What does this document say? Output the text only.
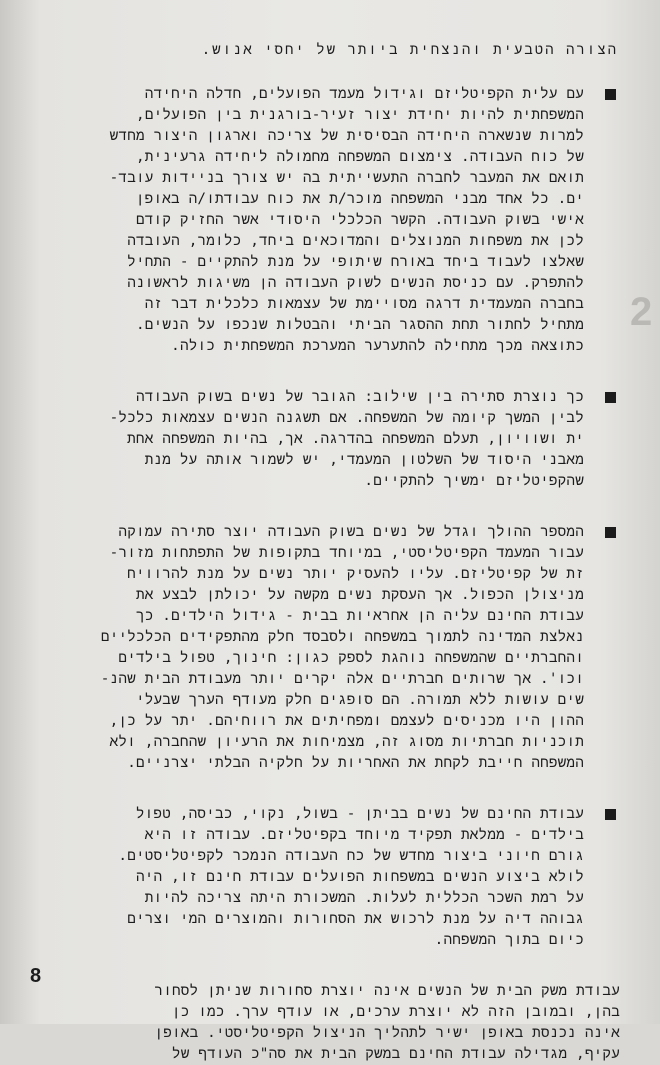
2
הצורה הטבעית והנצחית ביותר של יחסי אנוש.
עם עלית הקפיטליזם וגידול מעמד הפועלים, חדלה היחידה
המשפחתית להיות יחידת יצור זעיר-בורגנית בין הפועלים,
למרות שנשארה היחידה הבסיסית של צריכה וארגון היצור מחדש
של כוח העבודה. צימצום המשפחה מחמולה ליחידה גרעינית,
תואם את המעבר לחברה התעשייתית בה יש צורך בניידות עובד-
ים. כל אחד מבני המשפחה מוכר/ת את כוח עבודתו/ה באופן
אישי בשוק העבודה. הקשר הכלכלי היסודי אשר החזיק קודם
לכן את משפחות המנוצלים והמדוכאים ביחד, כלומר, העובדה
שאלצו לעבוד ביחד באורח שיתופי על מנת להתקיים - התחיל
להתפרק. עם כניסת הנשים לשוק העבודה הן משיגות לראשונה
בחברה המעמדית דרגה מסויימת של עצמאות כלכלית דבר זה
מתחיל לחתור תחת ההסגר הביתי והבטלות שנכפו על הנשים.
כתוצאה מכך מתחילה להתערער המערכת המשפחתית כולה.
כך נוצרת סתירה בין שילוב: הגובר של נשים בשוק העבודה
לבין המשך קיומה של המשפחה. אם תשגנה הנשים עצמאות כלכל-
ית ושוויון, תעלם המשפחה בהדרגה. אך, בהיות המשפחה אחת
מאבני היסוד של השלטון המעמדי, יש לשמור אותה על מנת
שהקפיטליזם ימשיך להתקיים.
המספר ההולך וגדל של נשים בשוק העבודה יוצר סתירה עמוקה
עבור המעמד הקפיטליסטי, במיוחד בתקופות של התפתחות מזור-
זת של קפיטליזם. עליו להעסיק יותר נשים על מנת להרוויח
מניצולן הכפול. אך העסקת נשים מקשה על יכולתן לבצע את
עבודת החינם עליה הן אחראיות בבית - גידול הילדים. כך
נאלצת המדינה לתמוך במשפחה ולסבסד חלק מהתפקידים הכלכליים
והחברתיים שהמשפחה נוהגת לספק כגון: חינוך, טפול בילדים
וכו'. אך שרותים חברתיים אלה יקרים יותר מעבודת הבית שהנ-
שים עושות ללא תמורה. הם סופגים חלק מעודף הערך שבעלי
ההון היו מכניסים לעצמם ומפחיתים את רווחיהם. יתר על כן,
תוכניות חברתיות מסוג זה, מצמיחות את הרעיון שהחברה, ולא
המשפחה חייבת לקחת את האחריות על חלקיה הבלתי יצרניים.
עבודת החינם של נשים בביתן - בשול, נקוי, כביסה, טפול
בילדים - ממלאת תפקיד מיוחד בקפיטליזם. עבודה זו היא
גורם חיוני ביצור מחדש של כח העבודה הנמכר לקפיטליסטים.
לולא ביצוע הנשים במשפחות הפועלים עבודת חינם זו, היה
על רמת השכר הכללית לעלות. המשכורת היתה צריכה להיות
גבוהה דיה על מנת לרכוש את הסחורות והמוצרים המי וצרים
כיום בתוך המשפחה.
עבודת משק הבית של הנשים אינה יוצרת סחורות שניתן לסחור
בהן, ובמובן הזה לא יוצרת ערכים, או עודף ערך. כמו כן
אינה נכנסת באופן ישיר לתהליך הניצול הקפיטליסטי. באופן
עקיף, מגדילה עבודת החינם במשק הבית את סה"כ העודף של
8
